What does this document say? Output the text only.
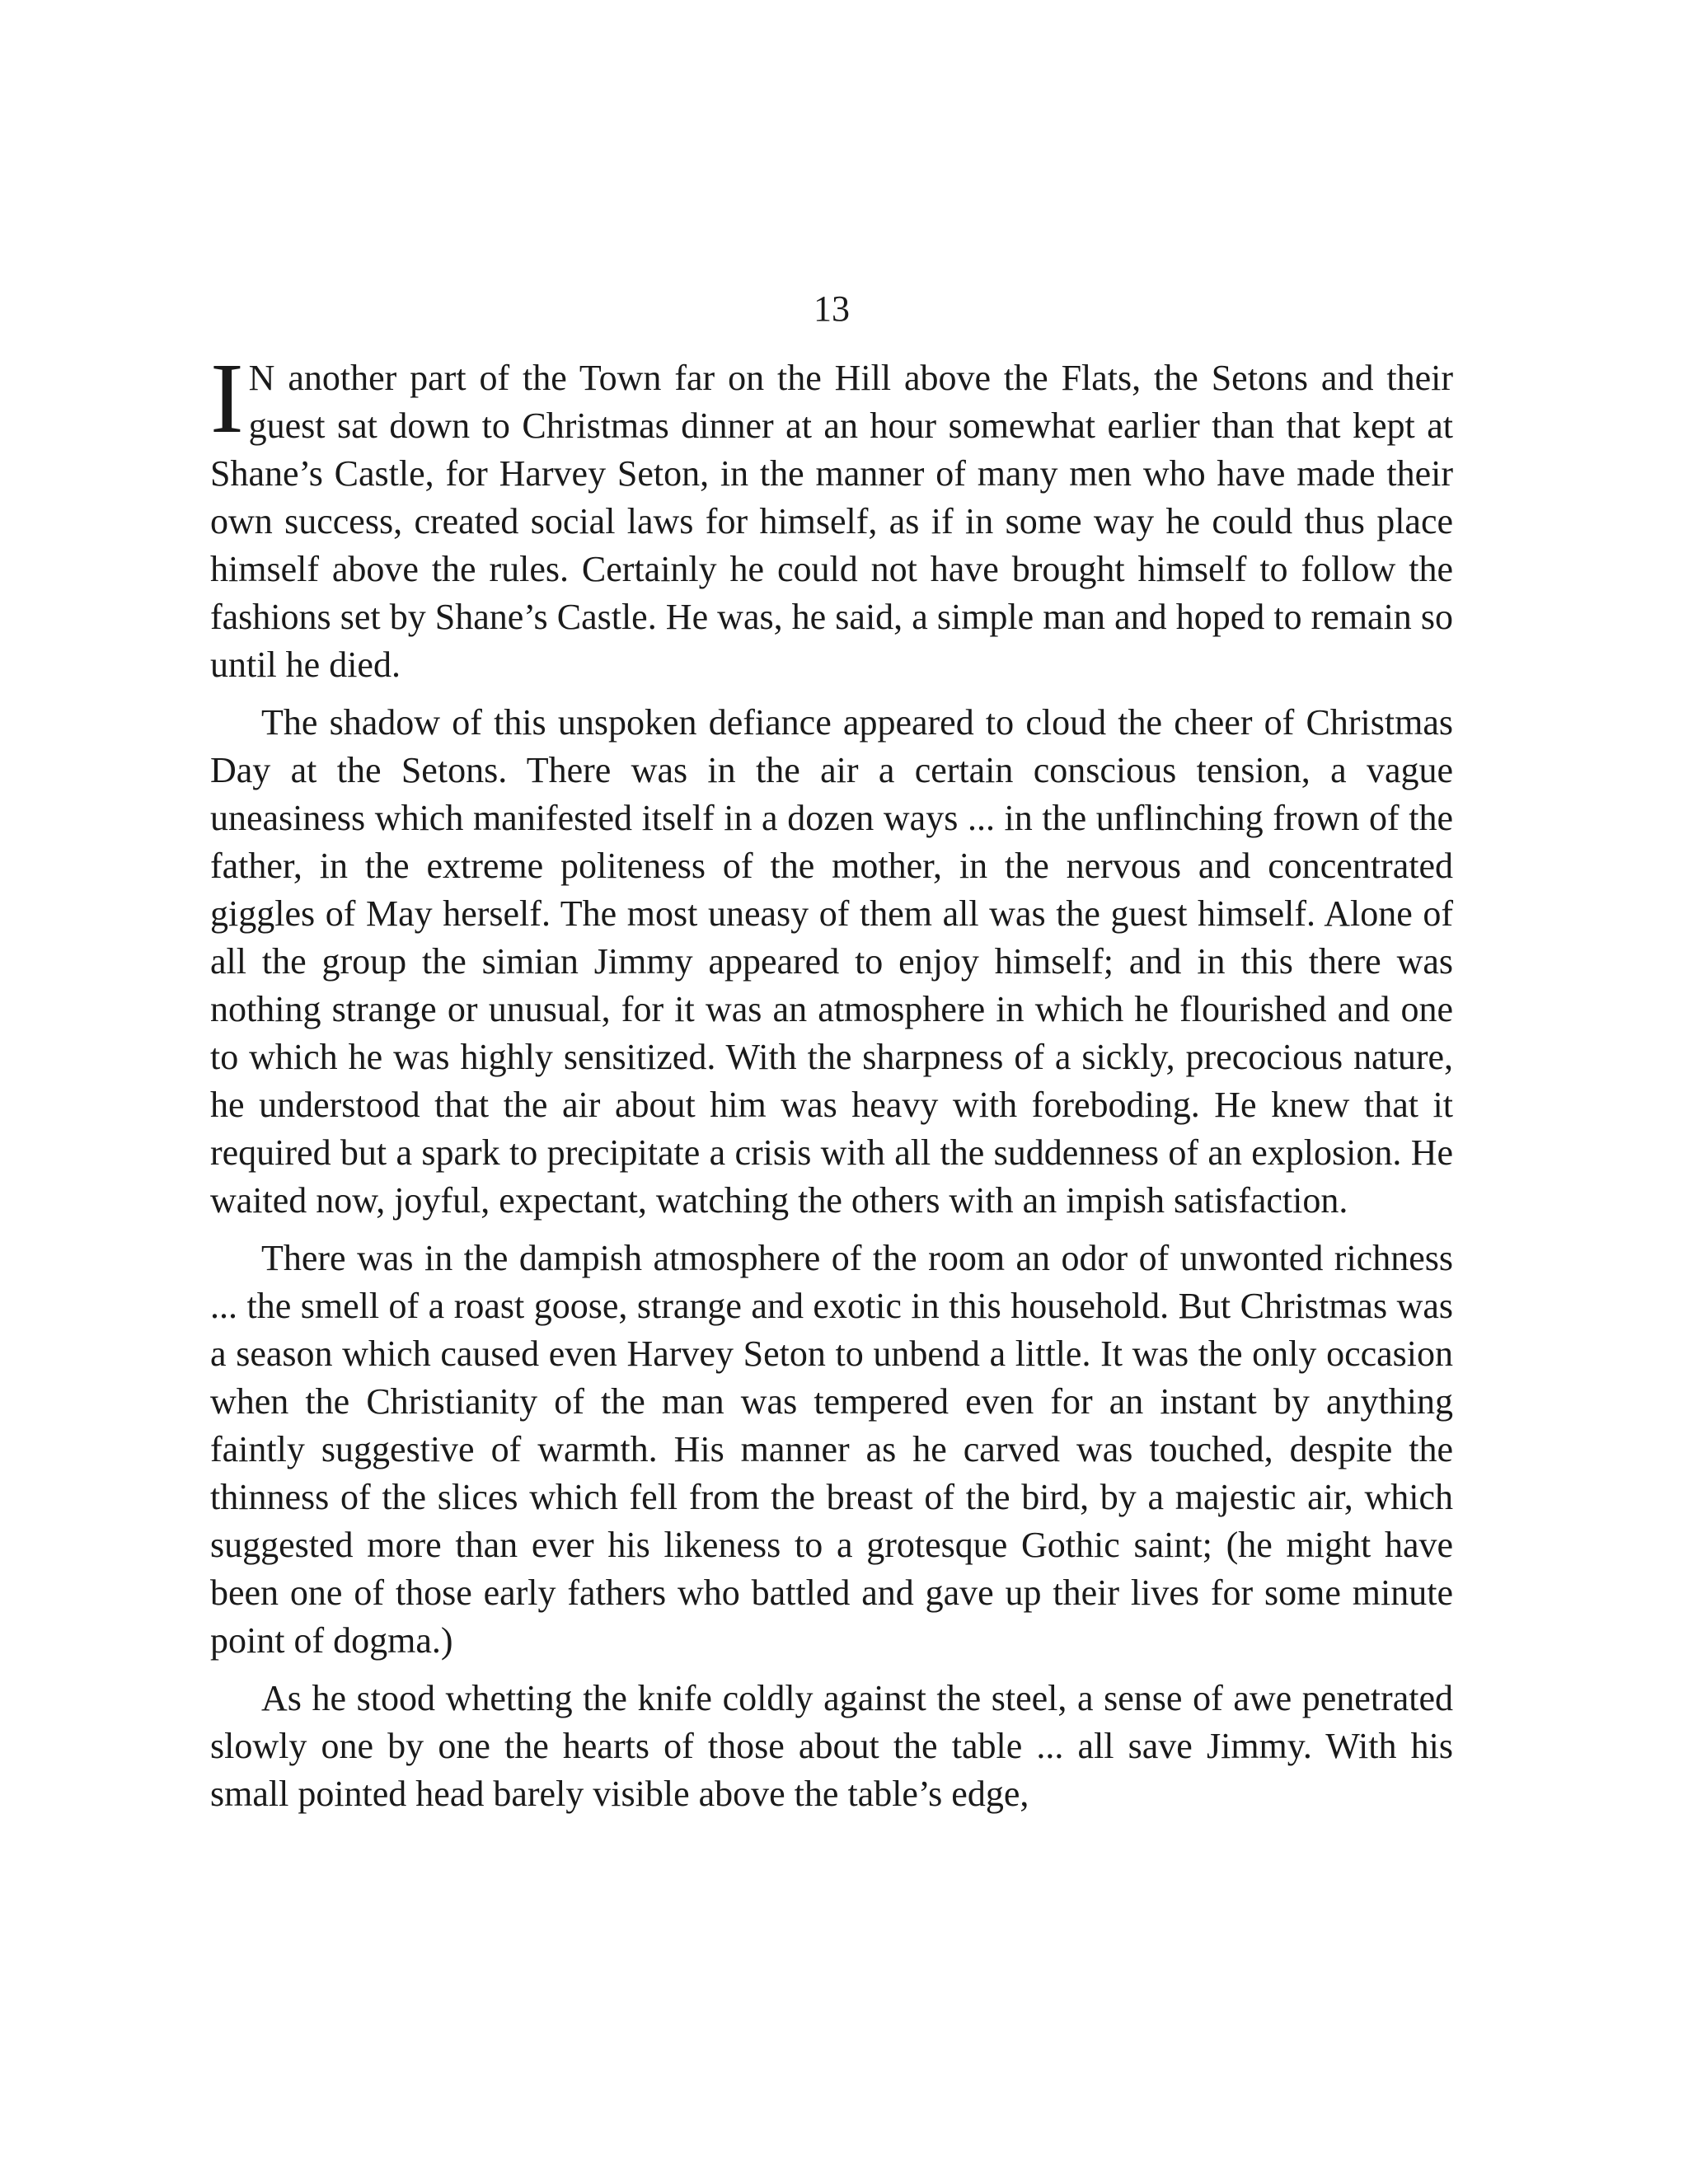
13

I N another part of the Town far on the Hill above the Flats, the Setons and their guest sat down to Christmas dinner at an hour somewhat earlier than that kept at Shane’s Castle, for Harvey Seton, in the manner of many men who have made their own success, created social laws for himself, as if in some way he could thus place himself above the rules. Certainly he could not have brought himself to follow the fashions set by Shane’s Castle. He was, he said, a simple man and hoped to remain so until he died.

The shadow of this unspoken defiance appeared to cloud the cheer of Christmas Day at the Setons. There was in the air a certain conscious tension, a vague uneasiness which manifested itself in a dozen ways ... in the unflinching frown of the father, in the extreme politeness of the mother, in the nervous and concentrated giggles of May herself. The most uneasy of them all was the guest himself. Alone of all the group the simian Jimmy appeared to enjoy himself; and in this there was nothing strange or unusual, for it was an atmosphere in which he flourished and one to which he was highly sensitized. With the sharpness of a sickly, precocious nature, he understood that the air about him was heavy with foreboding. He knew that it required but a spark to precipitate a crisis with all the suddenness of an explosion. He waited now, joyful, expectant, watching the others with an impish satisfaction.

There was in the dampish atmosphere of the room an odor of unwonted richness ... the smell of a roast goose, strange and exotic in this household. But Christmas was a season which caused even Harvey Seton to unbend a little. It was the only occasion when the Christianity of the man was tempered even for an instant by anything faintly suggestive of warmth. His manner as he carved was touched, despite the thinness of the slices which fell from the breast of the bird, by a majestic air, which suggested more than ever his likeness to a grotesque Gothic saint; (he might have been one of those early fathers who battled and gave up their lives for some minute point of dogma.)

As he stood whetting the knife coldly against the steel, a sense of awe penetrated slowly one by one the hearts of those about the table ... all save Jimmy. With his small pointed head barely visible above the table’s edge,
